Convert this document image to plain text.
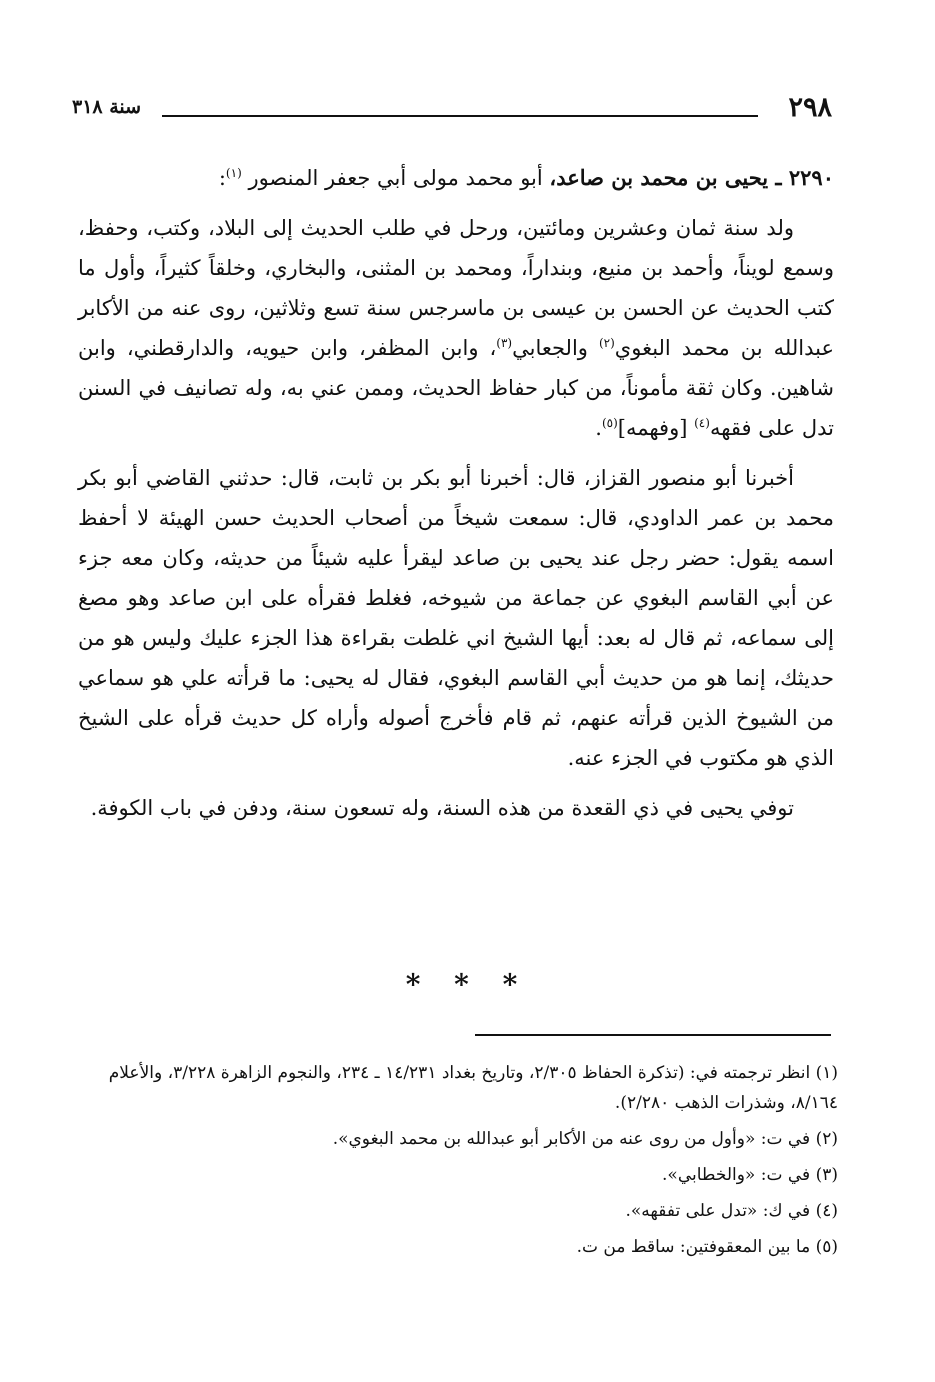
٢٩٨
سنة ٣١٨

٢٢٩٠ ـ يحيى بن محمد بن صاعد، أبو محمد مولى أبي جعفر المنصور $^{(١)}$:

ولد سنة ثمان وعشرين ومائتين، ورحل في طلب الحديث إلى البلاد، وكتب، وحفظ، وسمع لويناً، وأحمد بن منيع، وبنداراً، ومحمد بن المثنى، والبخاري، وخلقاً كثيراً، وأول ما كتب الحديث عن الحسن بن عيسى بن ماسرجس سنة تسع وثلاثين، روى عنه من الأكابر عبدالله بن محمد البغوي$^{(٢)}$ والجعابي$^{(٣)}$، وابن المظفر، وابن حيويه، والدارقطني، وابن شاهين. وكان ثقة مأموناً، من كبار حفاظ الحديث، وممن عني به، وله تصانيف في السنن تدل على فقهه$^{(٤)}$ [وفهمه]$^{(٥)}$.

أخبرنا أبو منصور القزاز، قال: أخبرنا أبو بكر بن ثابت، قال: حدثني القاضي أبو بكر محمد بن عمر الداودي، قال: سمعت شيخاً من أصحاب الحديث حسن الهيئة لا أحفظ اسمه يقول: حضر رجل عند يحيى بن صاعد ليقرأ عليه شيئاً من حديثه، وكان معه جزء عن أبي القاسم البغوي عن جماعة من شيوخه، فغلط فقرأه على ابن صاعد وهو مصغ إلى سماعه، ثم قال له بعد: أيها الشيخ اني غلطت بقراءة هذا الجزء عليك وليس هو من حديثك، إنما هو من حديث أبي القاسم البغوي، فقال له يحيى: ما قرأته علي هو سماعي من الشيوخ الذين قرأته عنهم، ثم قام فأخرج أصوله وأراه كل حديث قرأه على الشيخ الذي هو مكتوب في الجزء عنه.

توفي يحيى في ذي القعدة من هذه السنة، وله تسعون سنة، ودفن في باب الكوفة.

* * *

(١) انظر ترجمته في: (تذكرة الحفاظ ٢/٣٠٥، وتاريخ بغداد ١٤/٢٣١ ـ ٢٣٤، والنجوم الزاهرة ٣/٢٢٨، والأعلام ٨/١٦٤، وشذرات الذهب ٢/٢٨٠).

(٢) في ت: «وأول من روى عنه من الأكابر أبو عبدالله بن محمد البغوي».

(٣) في ت: «والخطابي».

(٤) في ك: «تدل على تفقهه».

(٥) ما بين المعقوفتين: ساقط من ت.
